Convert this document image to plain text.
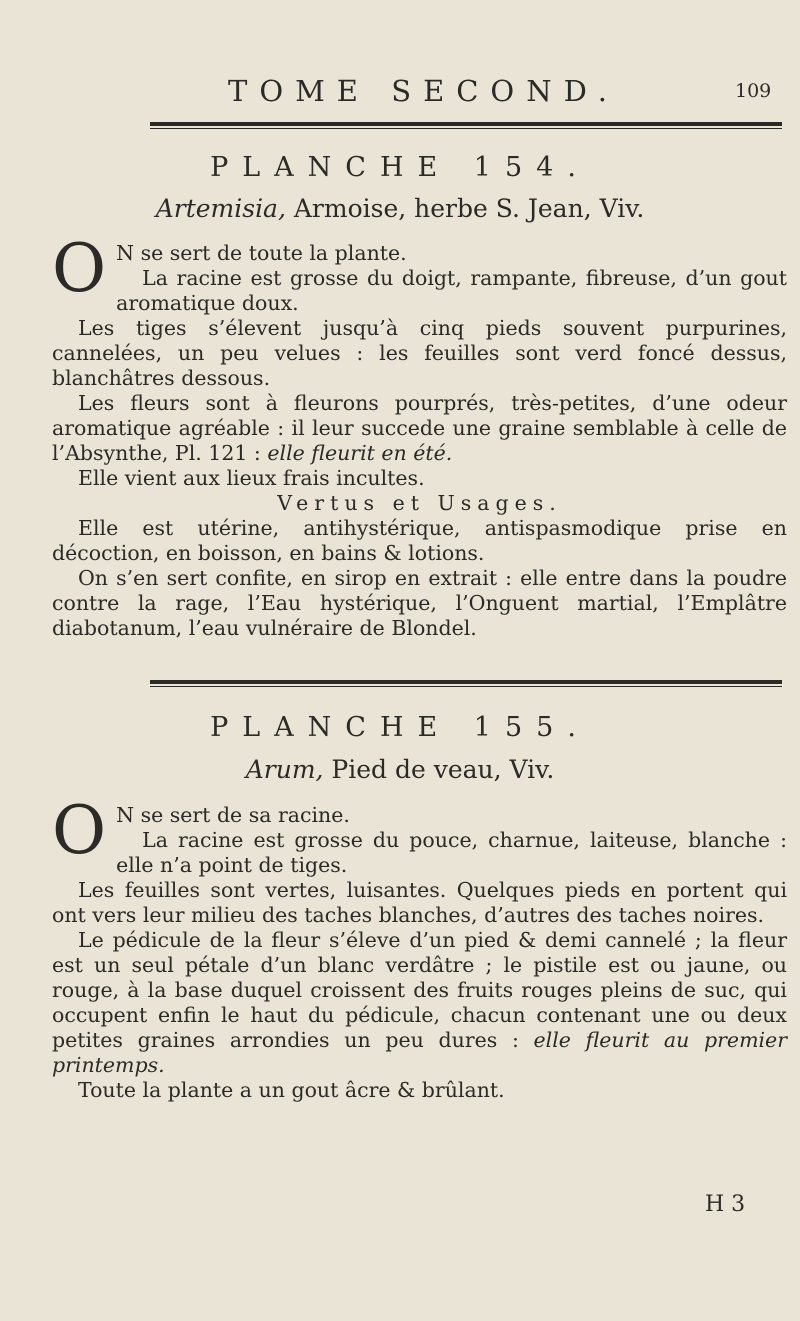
TOME SECOND.	109
PLANCHE 154.
Artemisia, Armoise, herbe S. Jean, Viv.

O N se sert de toute la plante.

La racine est grosse du doigt, rampante, fibreuse, d’un gout aromatique doux.

Les tiges s’élevent jusqu’à cinq pieds souvent purpurines, cannelées, un peu velues : les feuilles sont verd foncé dessus, blanchâtres dessous.

Les fleurs sont à fleurons pourprés, très-petites, d’une odeur aromatique agréable : il leur succede une graine semblable à celle de l’Absynthe, Pl. 121 : elle fleurit en été.

Elle vient aux lieux frais incultes.

Vertus et Usages.

Elle est utérine, antihystérique, antispasmodique prise en décoction, en boisson, en bains & lotions.

On s’en sert confite, en sirop en extrait : elle entre dans la poudre contre la rage, l’Eau hystérique, l’Onguent martial, l’Emplâtre diabotanum, l’eau vulnéraire de Blondel.

PLANCHE 155.
Arum, Pied de veau, Viv.

O N se sert de sa racine.

La racine est grosse du pouce, charnue, laiteuse, blanche : elle n’a point de tiges.

Les feuilles sont vertes, luisantes. Quelques pieds en portent qui ont vers leur milieu des taches blanches, d’autres des taches noires.

Le pédicule de la fleur s’éleve d’un pied & demi cannelé ; la fleur est un seul pétale d’un blanc verdâtre ; le pistile est ou jaune, ou rouge, à la base duquel croissent des fruits rouges pleins de suc, qui occupent enfin le haut du pédicule, chacun contenant une ou deux petites graines arrondies un peu dures : elle fleurit au premier printemps.

Toute la plante a un gout âcre & brûlant.

H 3
